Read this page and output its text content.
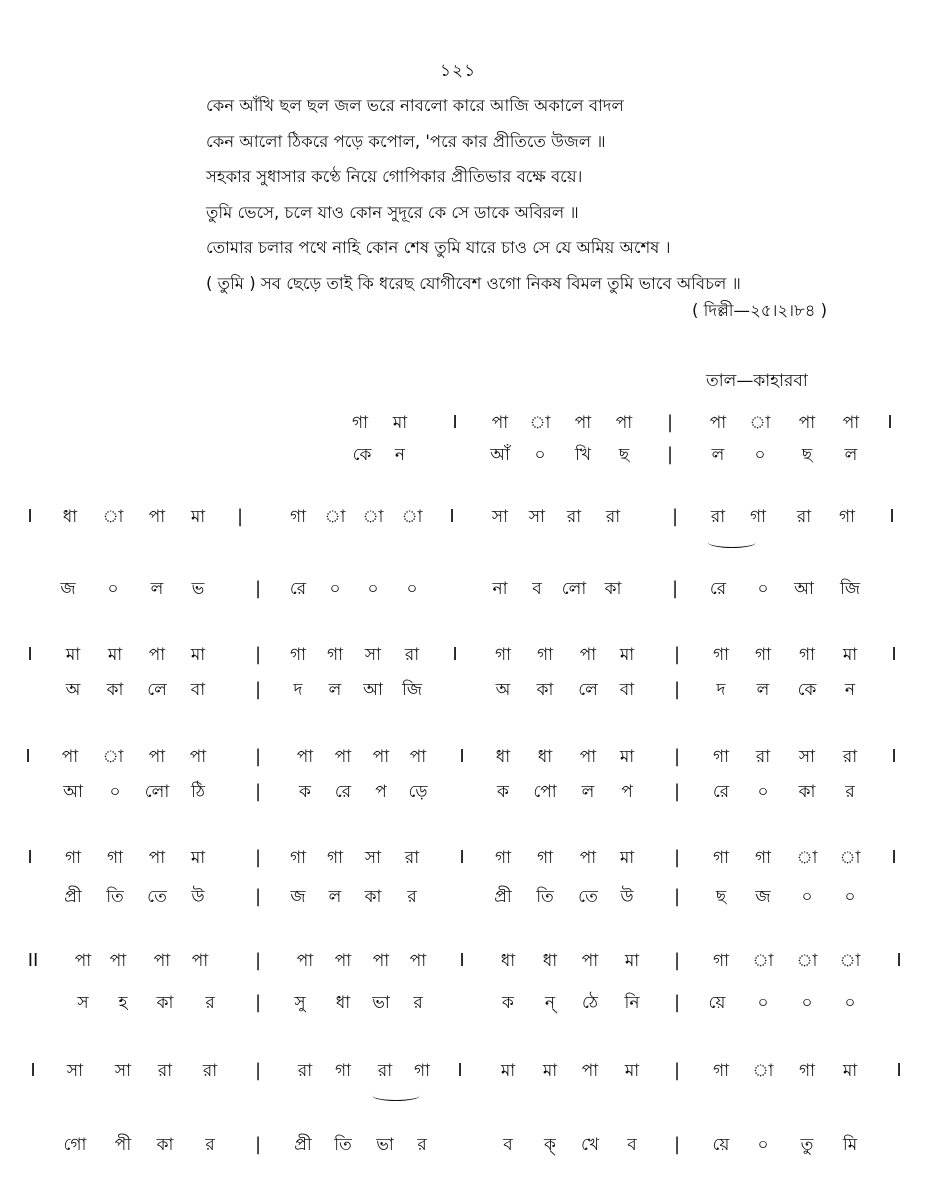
১২১
কেন আঁখি ছল ছল জল ভরে নাবলো কারে আজি অকালে বাদল
কেন আলো ঠিকরে পড়ে কপোল, 'পরে কার প্রীতিতে উজল ॥
সহকার সুধাসার কণ্ঠে নিয়ে গোপিকার প্রীতিভার বক্ষে বয়ে।
তুমি ভেসে, চলে যাও কোন সুদূরে কে সে ডাকে অবিরল ॥
তোমার চলার পথে নাহি কোন শেষ তুমি যারে চাও সে যে অমিয় অশেষ ।
( তুমি ) সব ছেড়ে তাই কি ধরেছ যোগীবেশ ওগো নিকষ বিমল তুমি ভাবে অবিচল ॥
( দিল্লী—২৫।২।৮৪ )
তাল—কাহারবা
গা মা	I পা া পা পা | পা া পা পা I
কে ন	আঁ ০ খি ছ | ল ০ ছ ল
I ধা া পা মা |	গা া া া I সা সা রা রা	| রা গা রা গা I
জ ০ ল ভ	| রে ০ ০ ০	না ব লো কা	| রে ০ আ জি
I মা মা পা মা	| গা গা সা রা I গা গা পা মা | গা গা গা মা I
অ কা লে বা	| দ ল আ জি	অ কা লে বা | দ ল কে ন
I পা া পা পা	| পা পা পা পা I ধা ধা পা মা | গা রা সা রা I
আ ০ লো ঠি	| ক রে প ড়ে	ক পো ল প | রে ০ কা র
I গা গা পা মা	| গা গা সা রা I গা গা পা মা | গা গা া া I
প্রী তি তে উ	| জ ল কা র	প্রী তি তে উ | ছ জ ০ ০
II পা পা পা পা	| পা পা পা পা I ধা ধা পা মা | গা া া া I
স হ কা র | সু ধা ভা র	ক ন্ ঠে নি | য়ে ০ ০ ০
I সা সা রা রা | রা গা রা গা I মা মা পা মা | গা া গা মা I
গো পী কা র | প্রী তি ভা র	ব ক্ খে ব | য়ে ০ তু মি
